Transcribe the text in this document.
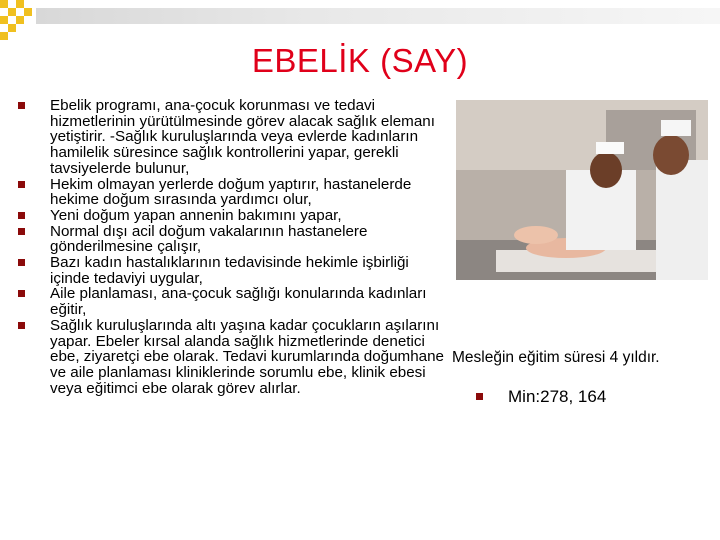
EBELİK (SAY)
Ebelik programı, ana-çocuk korunması ve tedavi hizmetlerinin yürütülmesinde görev alacak sağlık elemanı yetiştirir. -Sağlık kuruluşlarında veya evlerde kadınların hamilelik süresince sağlık kontrollerini yapar, gerekli tavsiyelerde bulunur,
Hekim olmayan yerlerde doğum yaptırır, hastanelerde hekime doğum sırasında yardımcı olur,
Yeni doğum yapan annenin bakımını yapar,
Normal dışı acil doğum vakalarının hastanelere gönderilmesine çalışır,
Bazı kadın hastalıklarının tedavisinde hekimle işbirliği içinde tedaviyi uygular,
Aile planlaması, ana-çocuk sağlığı konularında kadınları eğitir,
Sağlık kuruluşlarında altı yaşına kadar çocukların aşılarını yapar. Ebeler kırsal alanda sağlık hizmetlerinde denetici ebe, ziyaretçi ebe olarak. Tedavi kurumlarında doğumhane ve aile planlaması kliniklerinde sorumlu ebe, klinik ebesi veya eğitimci ebe olarak görev alırlar.
Mesleğin eğitim süresi 4 yıldır.
Min:278, 164
